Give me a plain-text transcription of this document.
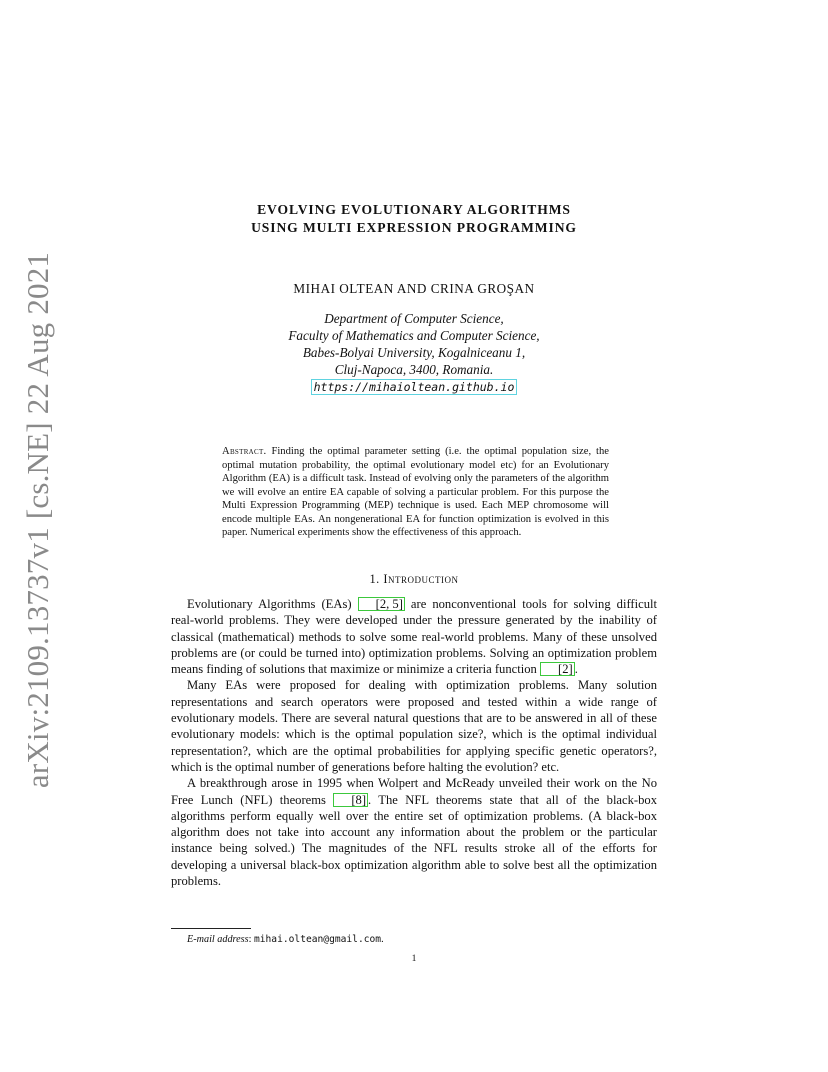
arXiv:2109.13737v1 [cs.NE] 22 Aug 2021
EVOLVING EVOLUTIONARY ALGORITHMS
USING MULTI EXPRESSION PROGRAMMING
MIHAI OLTEAN AND CRINA GROŞAN
Department of Computer Science,
Faculty of Mathematics and Computer Science,
Babes-Bolyai University, Kogalniceanu 1,
Cluj-Napoca, 3400, Romania.
https://mihaioltean.github.io
Abstract. Finding the optimal parameter setting (i.e. the optimal population size, the optimal mutation probability, the optimal evolutionary model etc) for an Evolutionary Algorithm (EA) is a difficult task. Instead of evolving only the parameters of the algorithm we will evolve an entire EA capable of solving a particular problem. For this purpose the Multi Expression Programming (MEP) technique is used. Each MEP chromosome will encode multiple EAs. An nongenerational EA for function optimization is evolved in this paper. Numerical experiments show the effectiveness of this approach.
1. Introduction

Evolutionary Algorithms (EAs) [2, 5] are nonconventional tools for solving difficult real-world problems. They were developed under the pressure generated by the inability of classical (mathematical) methods to solve some real-world problems. Many of these unsolved problems are (or could be turned into) optimization problems. Solving an optimization problem means finding of solutions that maximize or minimize a criteria function [2] .

Many EAs were proposed for dealing with optimization problems. Many solution representations and search operators were proposed and tested within a wide range of evolutionary models. There are several natural questions that are to be answered in all of these evolutionary models: which is the optimal population size?, which is the optimal individual representation?, which are the optimal probabilities for applying specific genetic operators?, which is the optimal number of generations before halting the evolution? etc.

A breakthrough arose in 1995 when Wolpert and McReady unveiled their work on the No Free Lunch (NFL) theorems [8] . The NFL theorems state that all of the black-box algorithms perform equally well over the entire set of optimization problems. (A black-box algorithm does not take into account any information about the problem or the particular instance being solved.) The magnitudes of the NFL results stroke all of the efforts for developing a universal black-box optimization algorithm able to solve best all the optimization problems.

E-mail address: mihai.oltean@gmail.com.
1
